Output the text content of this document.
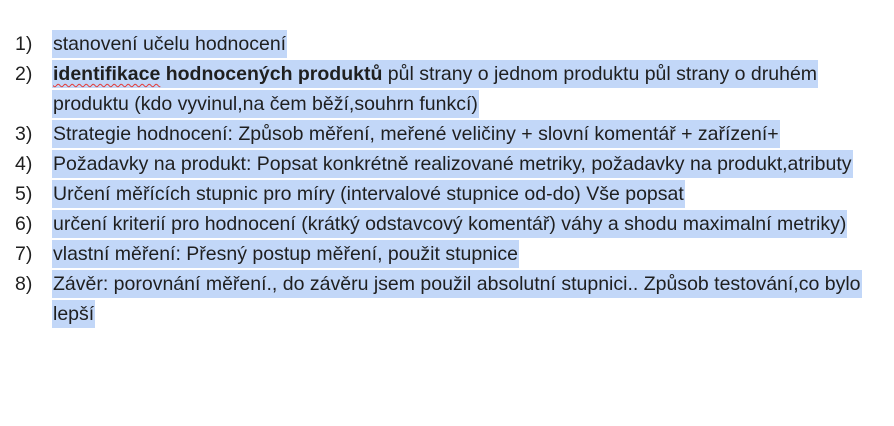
1)	stanovení učelu hodnocení
2)	identifikace hodnocených produktů půl strany o jednom produktu půl strany o druhém produktu (kdo vyvinul,na čem běží,souhrn funkcí)
3)	Strategie hodnocení: Způsob měření, meřené veličiny + slovní komentář + zařízení+
4)	Požadavky na produkt: Popsat konkrétně realizované metriky, požadavky na produkt,atributy
5)	Určení měřících stupnic pro míry (intervalové stupnice od-do) Vše popsat
6)	určení kriterií pro hodnocení (krátký odstavcový komentář) váhy a shodu maximalní metriky)
7)	vlastní měření: Přesný postup měření, použit stupnice
8)	Závěr: porovnání měření., do závěru jsem použil absolutní stupnici.. Způsob testování,co bylo lepší
